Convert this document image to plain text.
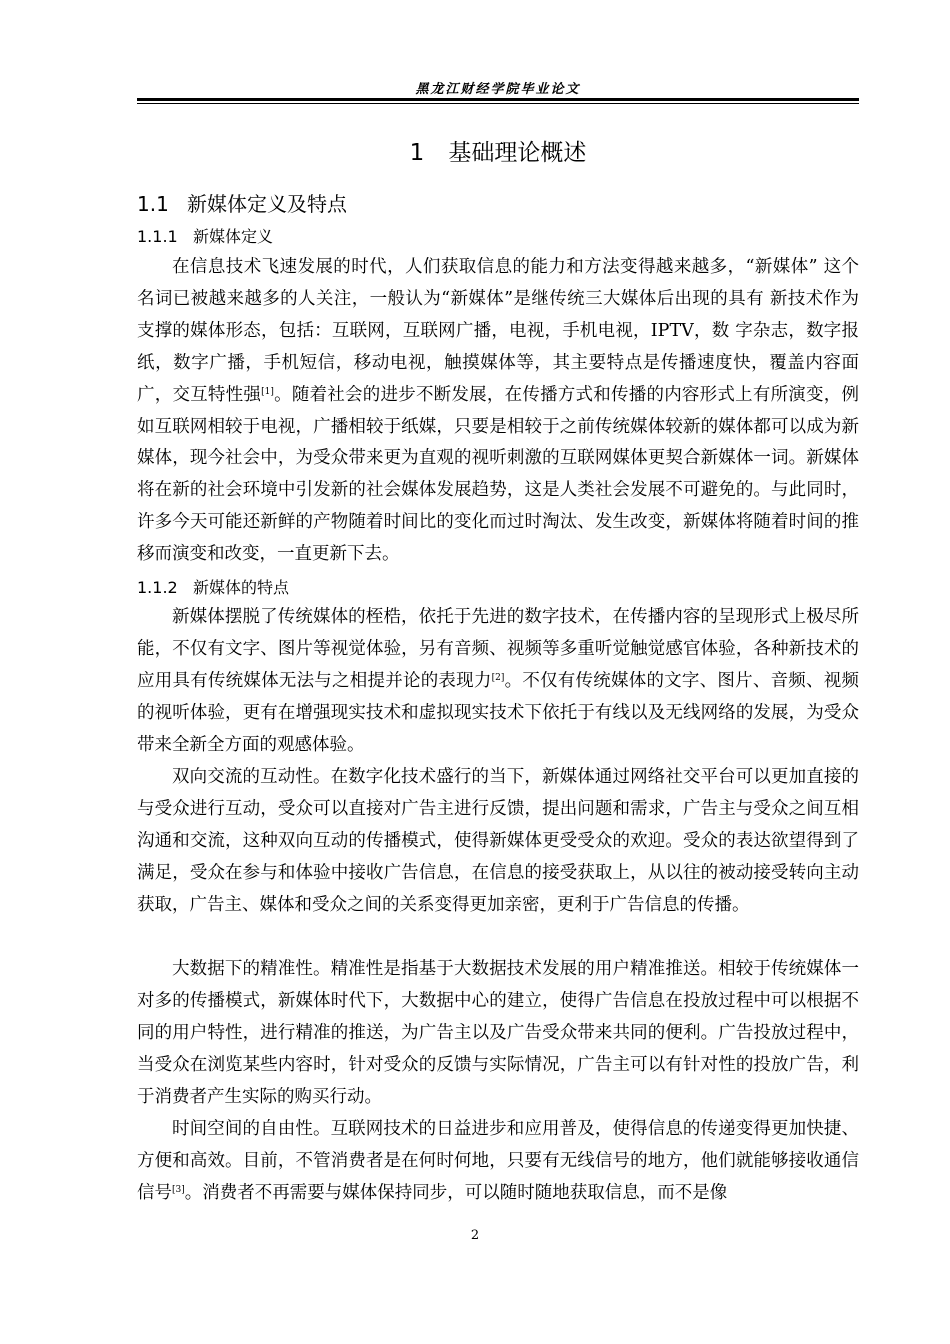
黑龙江财经学院毕业论文
1 基础理论概述
1.1 新媒体定义及特点
1.1.1 新媒体定义

在信息技术飞速发展的时代，人们获取信息的能力和方法变得越来越多，“新媒体” 这个名词已被越来越多的人关注，一般认为“新媒体”是继传统三大媒体后出现的具有 新技术作为支撑的媒体形态，包括：互联网，互联网广播，电视，手机电视，IPTV，数 字杂志，数字报纸，数字广播，手机短信，移动电视，触摸媒体等，其主要特点是传播速度快，覆盖内容面广，交互特性强[1]。随着社会的进步不断发展，在传播方式和传播的内容形式上有所演变，例如互联网相较于电视，广播相较于纸媒，只要是相较于之前传统媒体较新的媒体都可以成为新媒体，现今社会中，为受众带来更为直观的视听刺激的互联网媒体更契合新媒体一词。新媒体将在新的社会环境中引发新的社会媒体发展趋势，这是人类社会发展不可避免的。与此同时，许多今天可能还新鲜的产物随着时间比的变化而过时淘汰、发生改变，新媒体将随着时间的推移而演变和改变，一直更新下去。

1.1.2 新媒体的特点

新媒体摆脱了传统媒体的桎梏，依托于先进的数字技术，在传播内容的呈现形式上极尽所能，不仅有文字、图片等视觉体验，另有音频、视频等多重听觉触觉感官体验，各种新技术的应用具有传统媒体无法与之相提并论的表现力[2]。不仅有传统媒体的文字、图片、音频、视频的视听体验，更有在增强现实技术和虚拟现实技术下依托于有线以及无线网络的发展，为受众带来全新全方面的观感体验。

双向交流的互动性。在数字化技术盛行的当下，新媒体通过网络社交平台可以更加直接的与受众进行互动，受众可以直接对广告主进行反馈，提出问题和需求，广告主与受众之间互相沟通和交流，这种双向互动的传播模式，使得新媒体更受受众的欢迎。受众的表达欲望得到了满足，受众在参与和体验中接收广告信息，在信息的接受获取上，从以往的被动接受转向主动获取，广告主、媒体和受众之间的关系变得更加亲密，更利于广告信息的传播。

大数据下的精准性。精准性是指基于大数据技术发展的用户精准推送。相较于传统媒体一对多的传播模式，新媒体时代下，大数据中心的建立，使得广告信息在投放过程中可以根据不同的用户特性，进行精准的推送，为广告主以及广告受众带来共同的便利。广告投放过程中，当受众在浏览某些内容时，针对受众的反馈与实际情况，广告主可以有针对性的投放广告，利于消费者产生实际的购买行动。

时间空间的自由性。互联网技术的日益进步和应用普及，使得信息的传递变得更加快捷、方便和高效。目前，不管消费者是在何时何地，只要有无线信号的地方，他们就能够接收通信信号[3]。消费者不再需要与媒体保持同步，可以随时随地获取信息，而不是像

2
